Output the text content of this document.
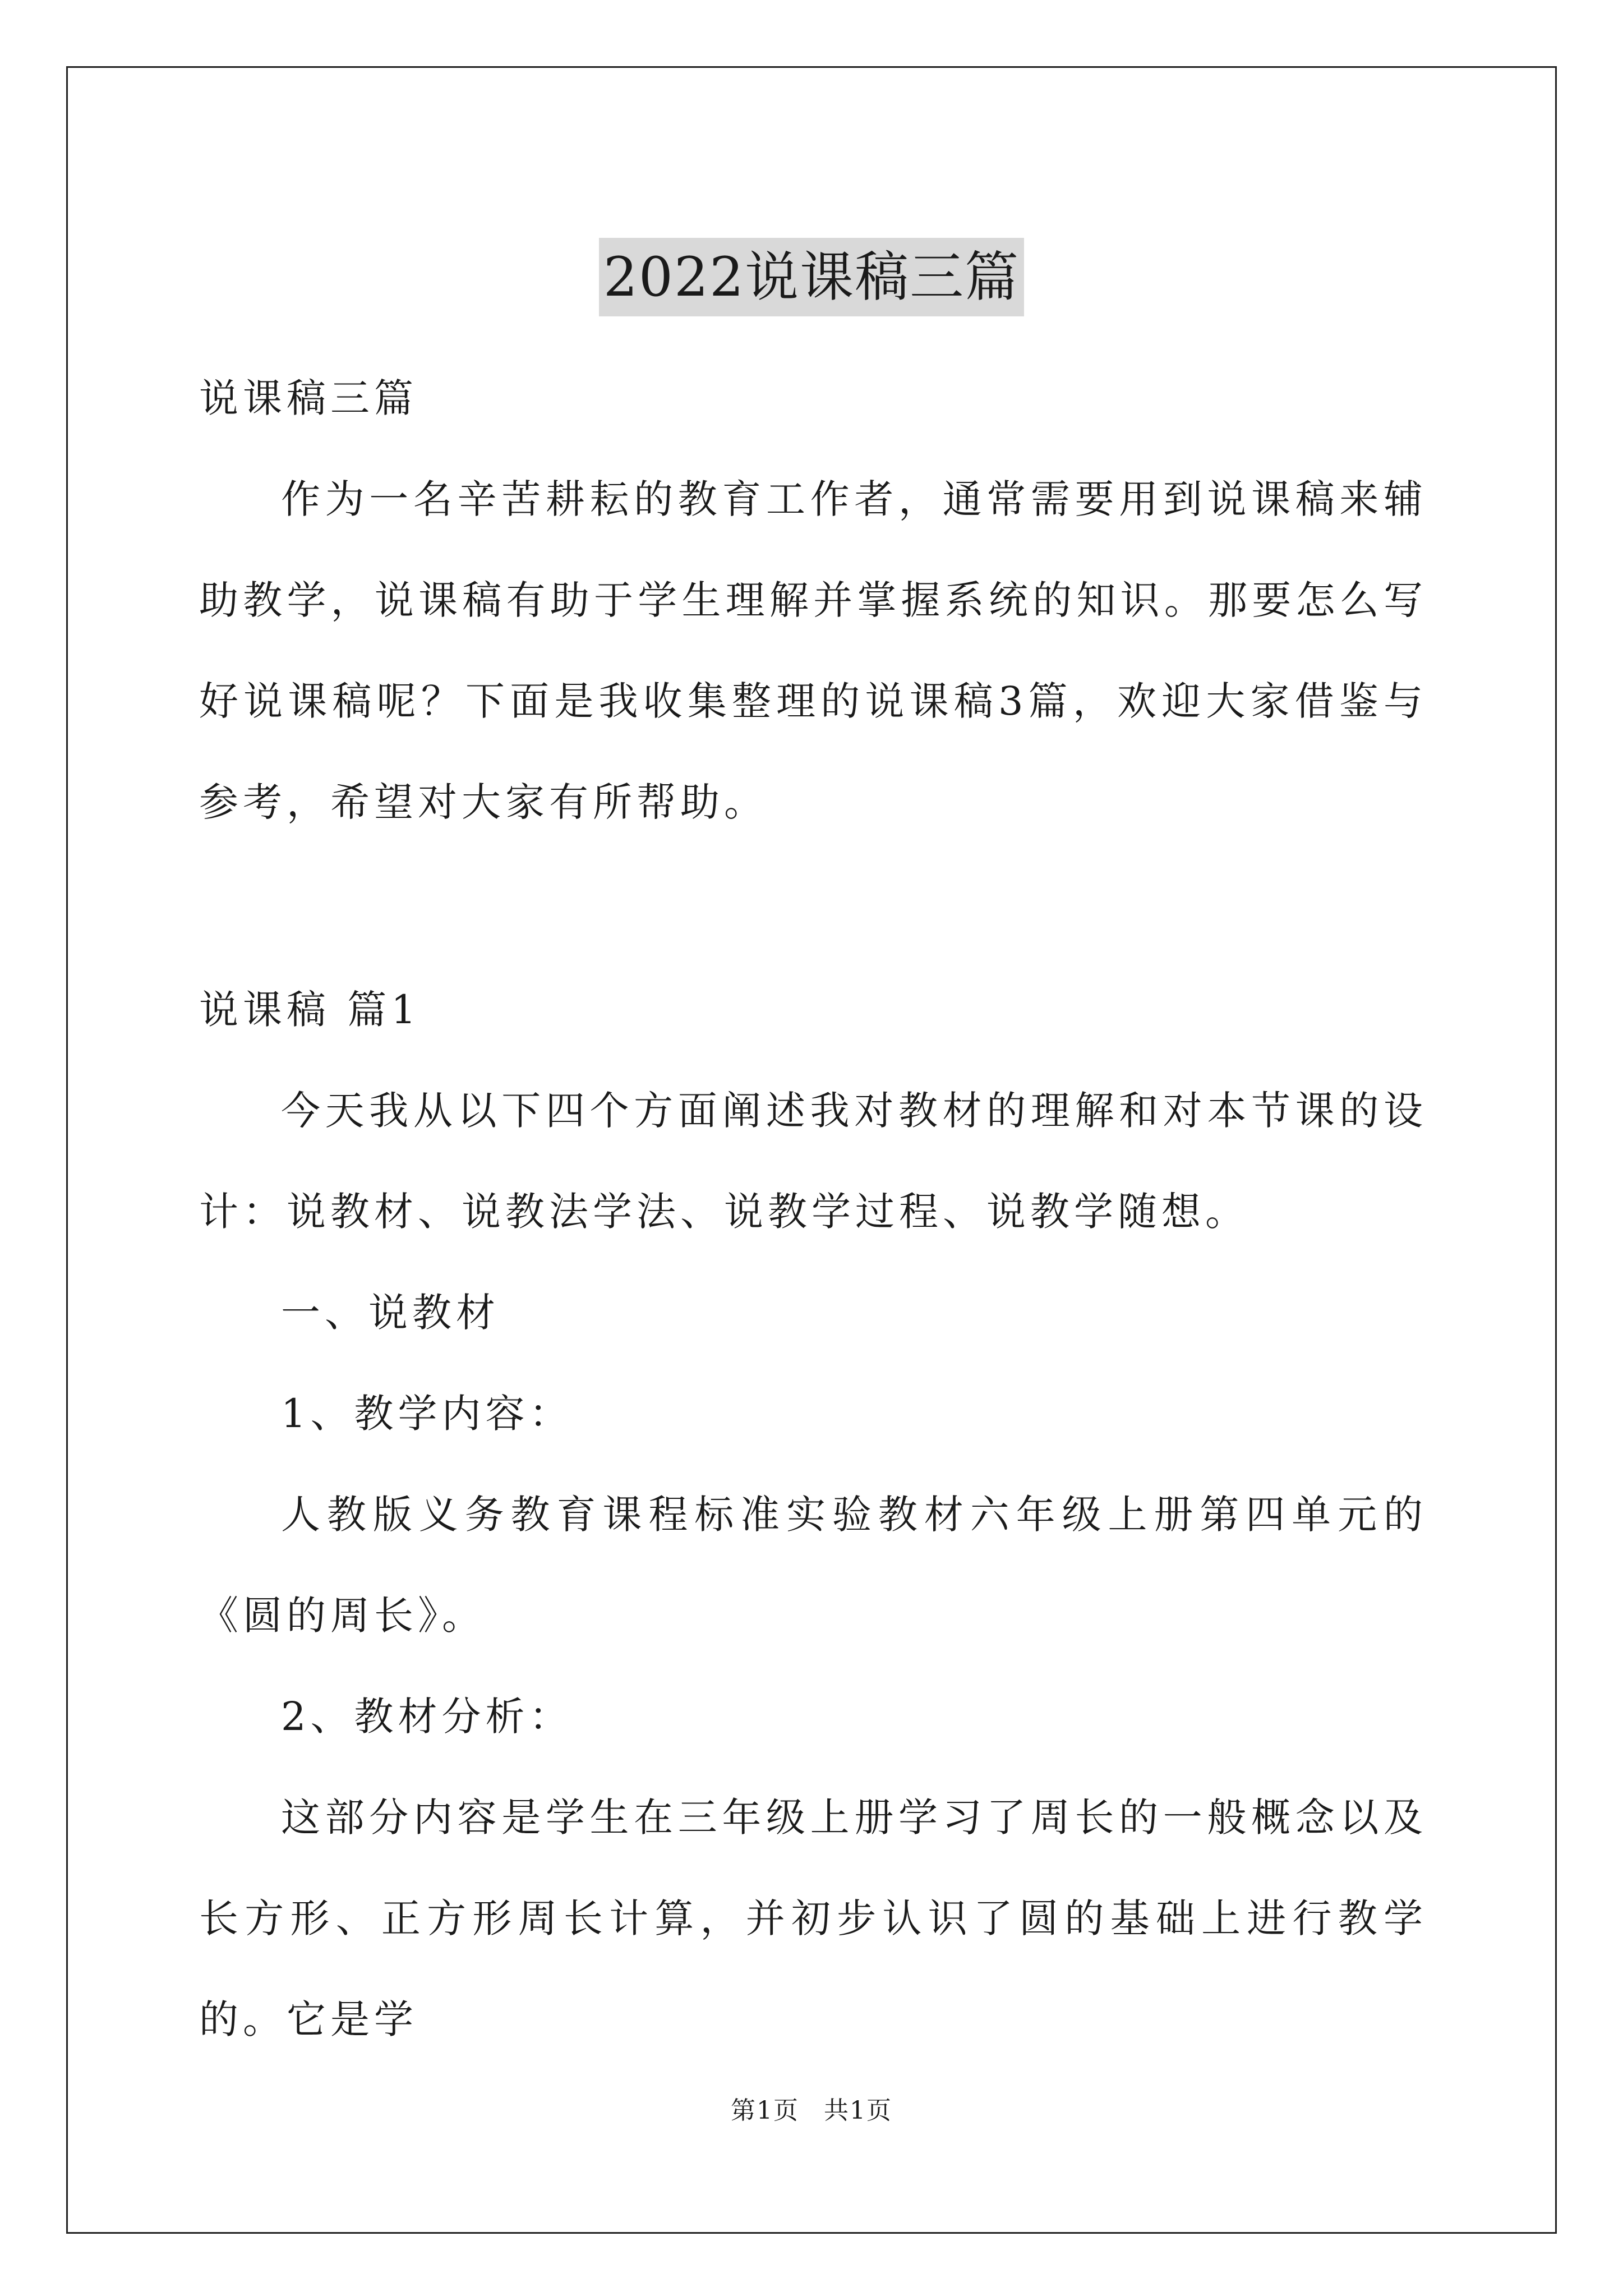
2022说课稿三篇

说课稿三篇

作为一名辛苦耕耘的教育工作者，通常需要用到说课稿来辅助教学，说课稿有助于学生理解并掌握系统的知识。那要怎么写好说课稿呢？下面是我收集整理的说课稿3篇，欢迎大家借鉴与参考，希望对大家有所帮助。

说课稿 篇1

今天我从以下四个方面阐述我对教材的理解和对本节课的设计：说教材、说教法学法、说教学过程、说教学随想。

一、说教材

1、教学内容：

人教版义务教育课程标准实验教材六年级上册第四单元的《圆的周长》。

2、教材分析：

这部分内容是学生在三年级上册学习了周长的一般概念以及长方形、正方形周长计算，并初步认识了圆的基础上进行教学的。它是学

第1页 共1页
